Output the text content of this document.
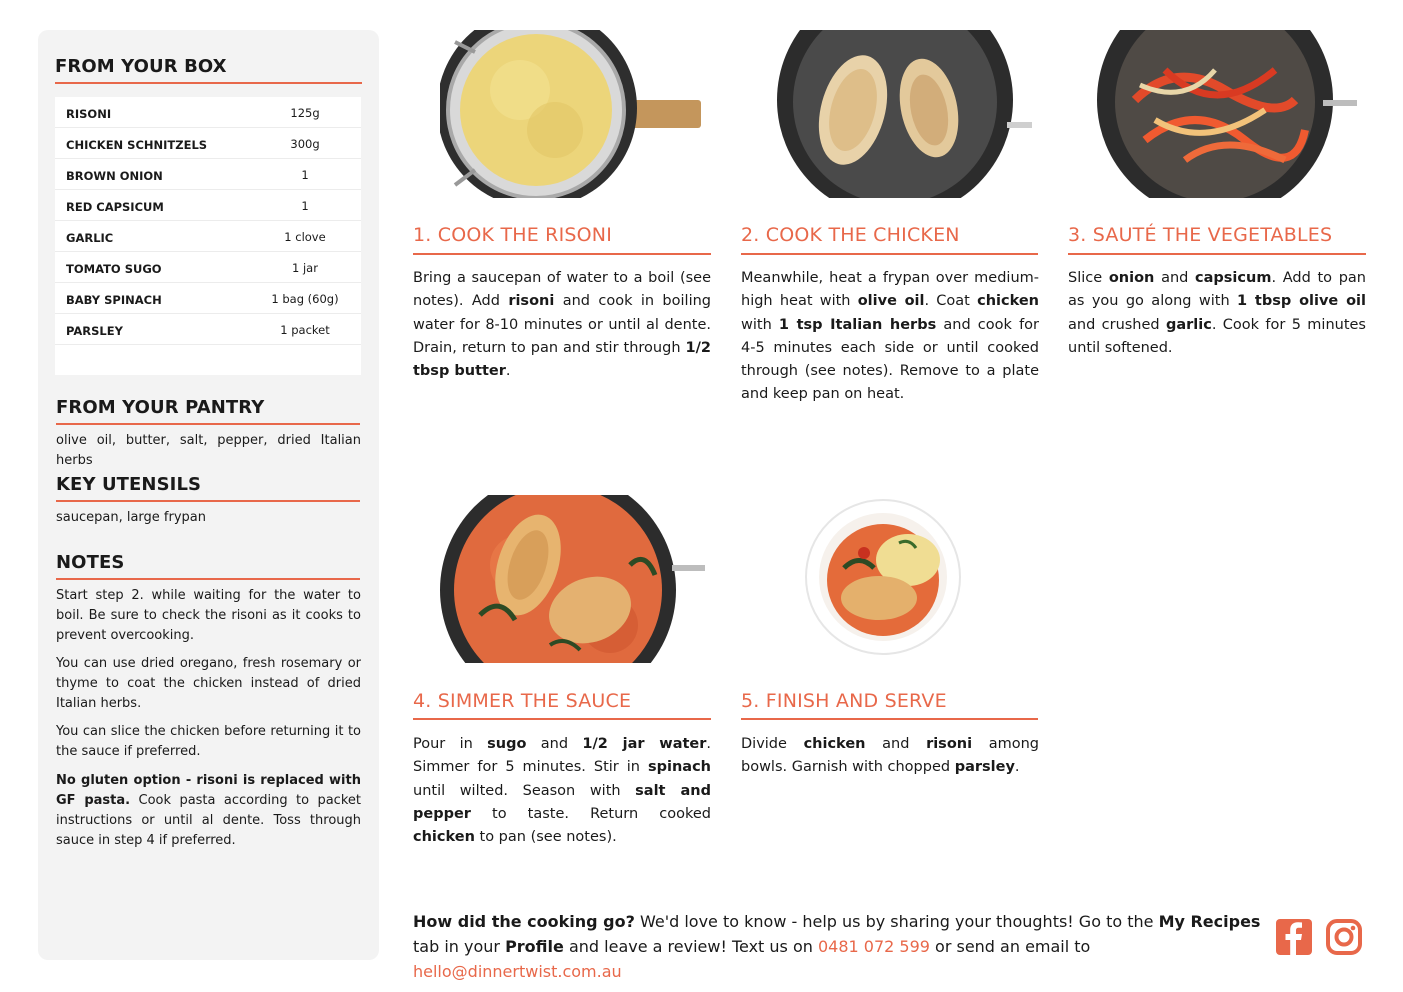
FROM YOUR BOX
RISONI	125g
CHICKEN SCHNITZELS	300g
BROWN ONION	1
RED CAPSICUM	1
GARLIC	1 clove
TOMATO SUGO	1 jar
BABY SPINACH	1 bag (60g)
PARSLEY	1 packet
FROM YOUR PANTRY
olive oil, butter, salt, pepper, dried Italian herbs
KEY UTENSILS
saucepan, large frypan
NOTES
Start step 2. while waiting for the water to boil. Be sure to check the risoni as it cooks to prevent overcooking.
You can use dried oregano, fresh rosemary or thyme to coat the chicken instead of dried Italian herbs.
You can slice the chicken before returning it to the sauce if preferred.
No gluten option - risoni is replaced with GF pasta. Cook pasta according to packet instructions or until al dente. Toss through sauce in step 4 if preferred.
1. COOK THE RISONI
Bring a saucepan of water to a boil (see notes). Add risoni and cook in boiling water for 8-10 minutes or until al dente. Drain, return to pan and stir through 1/2 tbsp butter.
2. COOK THE CHICKEN
Meanwhile, heat a frypan over medium-high heat with olive oil. Coat chicken with 1 tsp Italian herbs and cook for 4-5 minutes each side or until cooked through (see notes). Remove to a plate and keep pan on heat.
3. SAUTÉ THE VEGETABLES
Slice onion and capsicum. Add to pan as you go along with 1 tbsp olive oil and crushed garlic. Cook for 5 minutes until softened.
4. SIMMER THE SAUCE
Pour in sugo and 1/2 jar water. Simmer for 5 minutes. Stir in spinach until wilted. Season with salt and pepper to taste. Return cooked chicken to pan (see notes).
5. FINISH AND SERVE
Divide chicken and risoni among bowls. Garnish with chopped parsley.
How did the cooking go? We'd love to know - help us by sharing your thoughts! Go to the My Recipes tab in your Profile and leave a review! Text us on 0481 072 599 or send an email to hello@dinnertwist.com.au
